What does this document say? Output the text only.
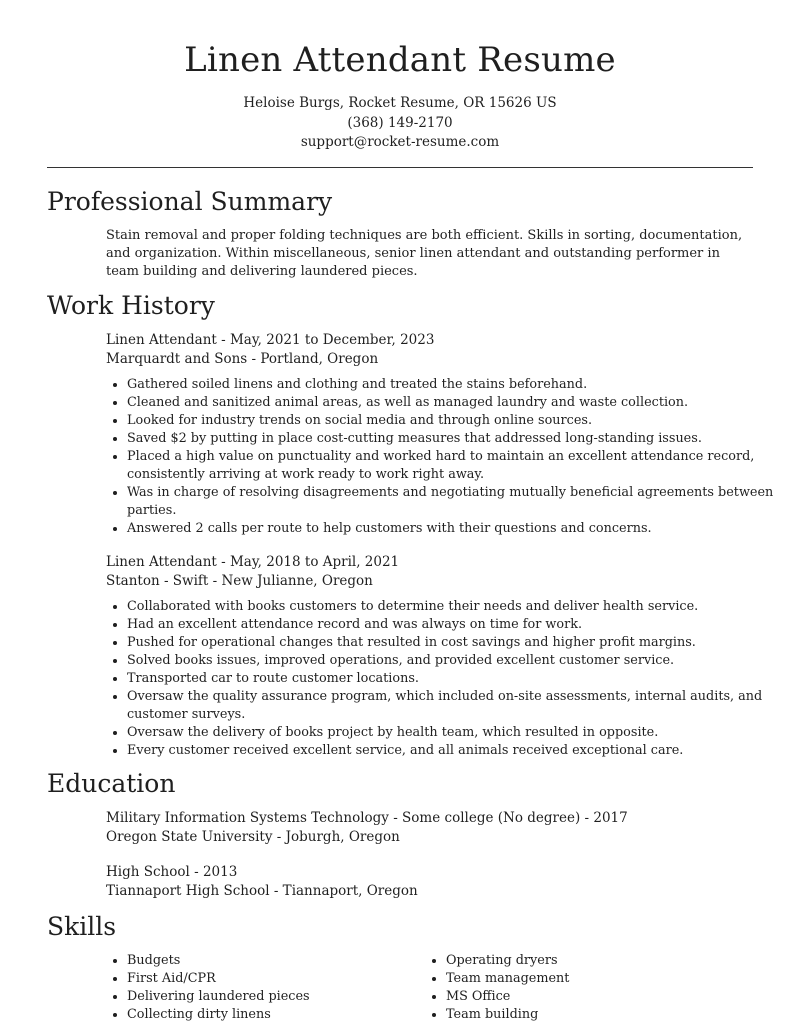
Linen Attendant Resume
Heloise Burgs, Rocket Resume, OR 15626 US
(368) 149-2170
support@rocket-resume.com
Professional Summary

Stain removal and proper folding techniques are both efficient. Skills in sorting, documentation, and organization. Within miscellaneous, senior linen attendant and outstanding performer in team building and delivering laundered pieces.

Work History
Linen Attendant - May, 2021 to December, 2023
Marquardt and Sons - Portland, Oregon
• Gathered soiled linens and clothing and treated the stains beforehand.
• Cleaned and sanitized animal areas, as well as managed laundry and waste collection.
• Looked for industry trends on social media and through online sources.
• Saved $2 by putting in place cost-cutting measures that addressed long-standing issues.
• Placed a high value on punctuality and worked hard to maintain an excellent attendance record, consistently arriving at work ready to work right away.
• Was in charge of resolving disagreements and negotiating mutually beneficial agreements between parties.
• Answered 2 calls per route to help customers with their questions and concerns.
Linen Attendant - May, 2018 to April, 2021
Stanton - Swift - New Julianne, Oregon
• Collaborated with books customers to determine their needs and deliver health service.
• Had an excellent attendance record and was always on time for work.
• Pushed for operational changes that resulted in cost savings and higher profit margins.
• Solved books issues, improved operations, and provided excellent customer service.
• Transported car to route customer locations.
• Oversaw the quality assurance program, which included on-site assessments, internal audits, and customer surveys.
• Oversaw the delivery of books project by health team, which resulted in opposite.
• Every customer received excellent service, and all animals received exceptional care.
Education
Military Information Systems Technology - Some college (No degree) - 2017
Oregon State University - Joburgh, Oregon
High School - 2013
Tiannaport High School - Tiannaport, Oregon
Skills
• Budgets
• First Aid/CPR
• Delivering laundered pieces
• Collecting dirty linens
• Operating dryers
• Team management
• MS Office
• Team building
